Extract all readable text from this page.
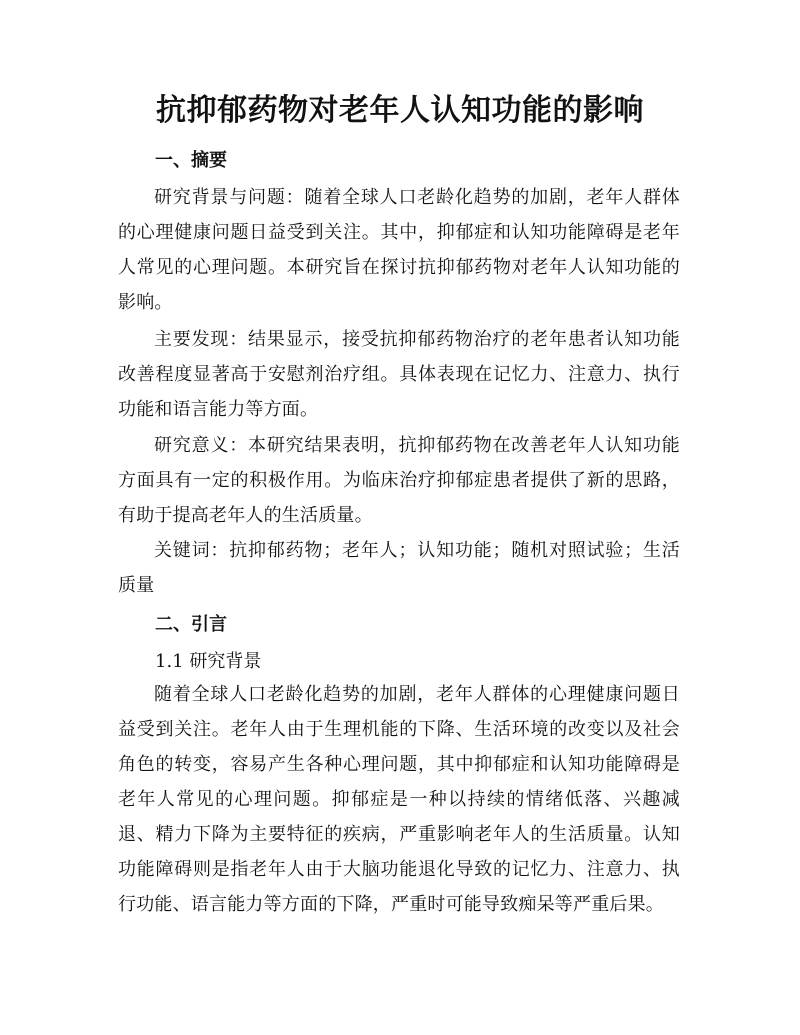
抗抑郁药物对老年人认知功能的影响
一、摘要

研究背景与问题：随着全球人口老龄化趋势的加剧，老年人群体的心理健康问题日益受到关注。其中，抑郁症和认知功能障碍是老年人常见的心理问题。本研究旨在探讨抗抑郁药物对老年人认知功能的影响。

主要发现：结果显示，接受抗抑郁药物治疗的老年患者认知功能改善程度显著高于安慰剂治疗组。具体表现在记忆力、注意力、执行功能和语言能力等方面。

研究意义：本研究结果表明，抗抑郁药物在改善老年人认知功能方面具有一定的积极作用。为临床治疗抑郁症患者提供了新的思路，有助于提高老年人的生活质量。

关键词：抗抑郁药物；老年人；认知功能；随机对照试验；生活质量

二、引言

1.1 研究背景

随着全球人口老龄化趋势的加剧，老年人群体的心理健康问题日益受到关注。老年人由于生理机能的下降、生活环境的改变以及社会角色的转变，容易产生各种心理问题，其中抑郁症和认知功能障碍是老年人常见的心理问题。抑郁症是一种以持续的情绪低落、兴趣减退、精力下降为主要特征的疾病，严重影响老年人的生活质量。认知功能障碍则是指老年人由于大脑功能退化导致的记忆力、注意力、执行功能、语言能力等方面的下降，严重时可能导致痴呆等严重后果。
